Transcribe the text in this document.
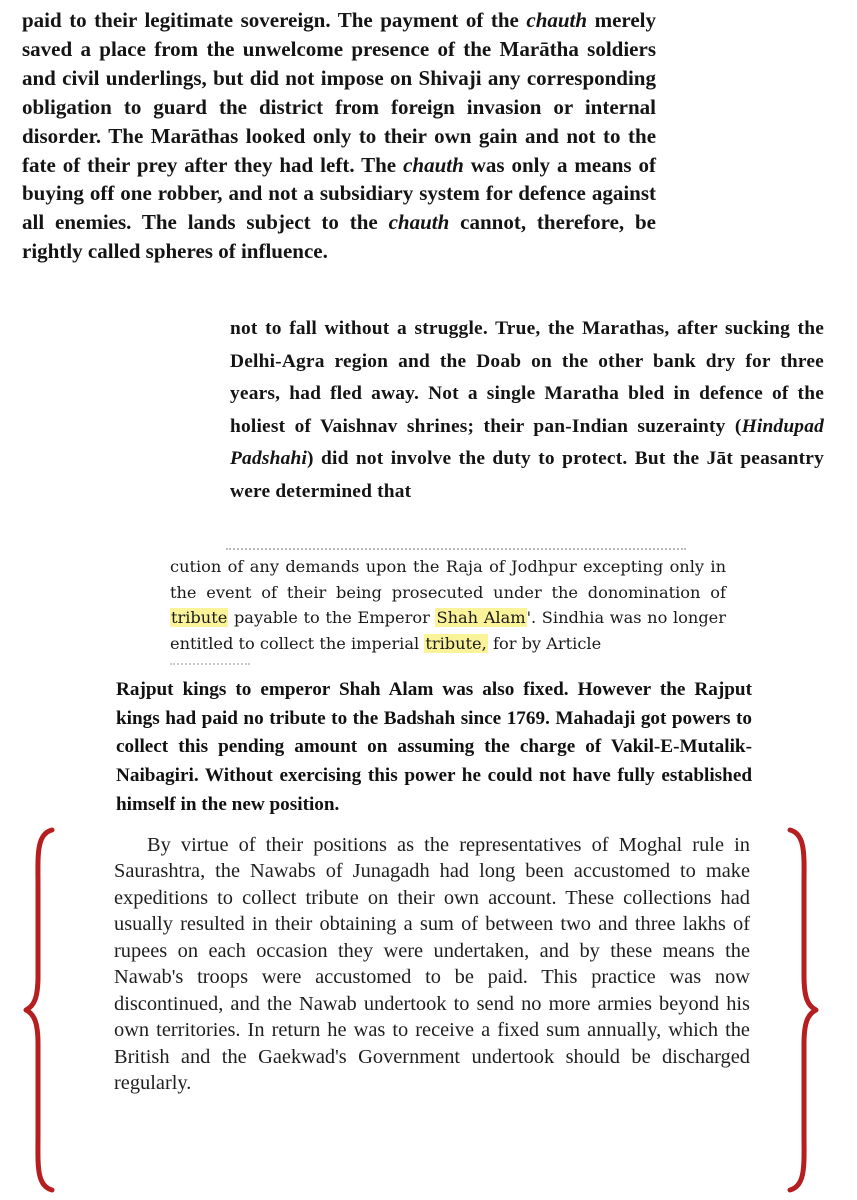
paid to their legitimate sovereign. The payment of the chauth merely saved a place from the unwelcome presence of the Marātha soldiers and civil underlings, but did not impose on Shivaji any corresponding obligation to guard the district from foreign invasion or internal disorder. The Marāthas looked only to their own gain and not to the fate of their prey after they had left. The chauth was only a means of buying off one robber, and not a subsidiary system for defence against all enemies. The lands subject to the chauth cannot, therefore, be rightly called spheres of influence.

not to fall without a struggle. True, the Marathas, after sucking the Delhi-Agra region and the Doab on the other bank dry for three years, had fled away. Not a single Maratha bled in defence of the holiest of Vaishnav shrines; their pan-Indian suzerainty (Hindupad Padshahi) did not involve the duty to protect. But the Jāt peasantry were determined that

cution of any demands upon the Raja of Jodhpur excepting only in the event of their being prosecuted under the donomination of tribute payable to the Emperor Shah Alam'. Sindhia was no longer entitled to collect the imperial tribute, for by Article

Rajput kings to emperor Shah Alam was also fixed. However the Rajput kings had paid no tribute to the Badshah since 1769. Mahadaji got powers to collect this pending amount on assuming the charge of Vakil-E-Mutalik-Naibagiri. Without exercising this power he could not have fully established himself in the new position.

By virtue of their positions as the representatives of Moghal rule in Saurashtra, the Nawabs of Junagadh had long been accustomed to make expeditions to collect tribute on their own account. These collections had usually resulted in their obtaining a sum of between two and three lakhs of rupees on each occasion they were undertaken, and by these means the Nawab's troops were accustomed to be paid. This practice was now discontinued, and the Nawab undertook to send no more armies beyond his own territories. In return he was to receive a fixed sum annually, which the British and the Gaekwad's Government undertook should be discharged regularly.
